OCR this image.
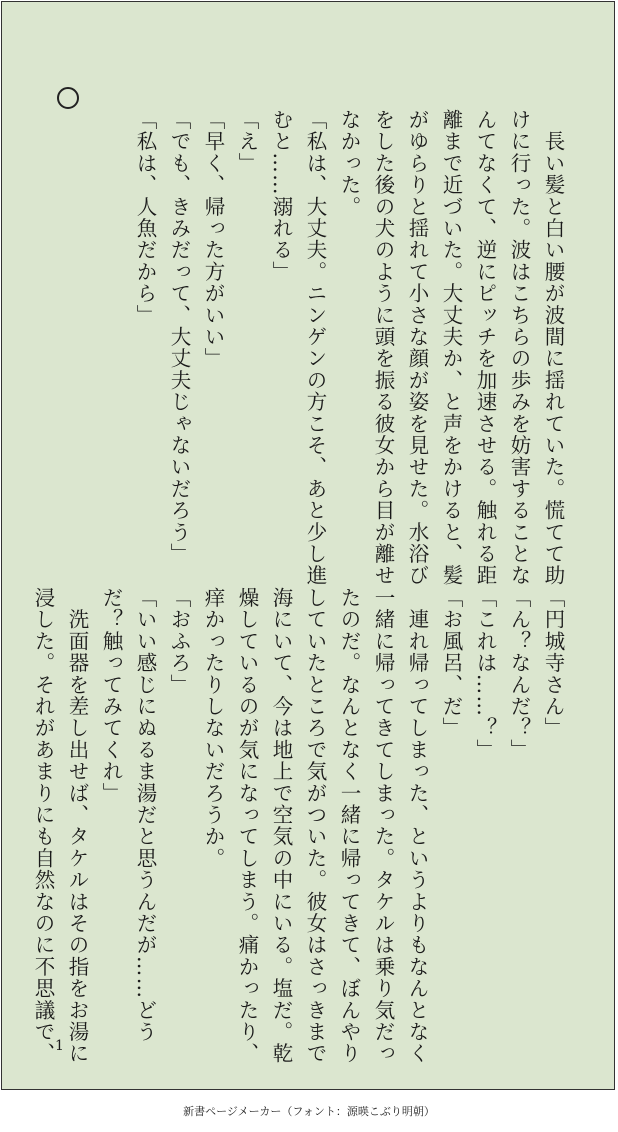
　長い髪と白い腰が波間に揺れていた。慌てて助

けに行った。波はこちらの歩みを妨害することな

んてなくて、逆にピッチを加速させる。触れる距

離まで近づいた。大丈夫か、と声をかけると、髪

がゆらりと揺れて小さな顔が姿を見せた。水浴び

をした後の犬のように頭を振る彼女から目が離せ

なかった。

「私は、大丈夫。ニンゲンの方こそ、あと少し進

むと……溺れる」

「え」

「早く、帰った方がいい」

「でも、きみだって、大丈夫じゃないだろう」

「私は、人魚だから」

「円城寺さん」

「ん？なんだ？」

「これは……？」

「お風呂、だ」

　連れ帰ってしまった、というよりもなんとなく

一緒に帰ってきてしまった。タケルは乗り気だっ

たのだ。なんとなく一緒に帰ってきて、ぼんやり

していたところで気がついた。彼女はさっきまで

海にいて、今は地上で空気の中にいる。塩だ。乾

燥しているのが気になってしまう。痛かったり、

痒かったりしないだろうか。

「おふろ」

「いい感じにぬるま湯だと思うんだが……どう

だ？触ってみてくれ」

　洗面器を差し出せば、タケルはその指をお湯に

浸した。それがあまりにも自然なのに不思議で、 1
新書ページメーカー（フォント：源暎こぶり明朝）
